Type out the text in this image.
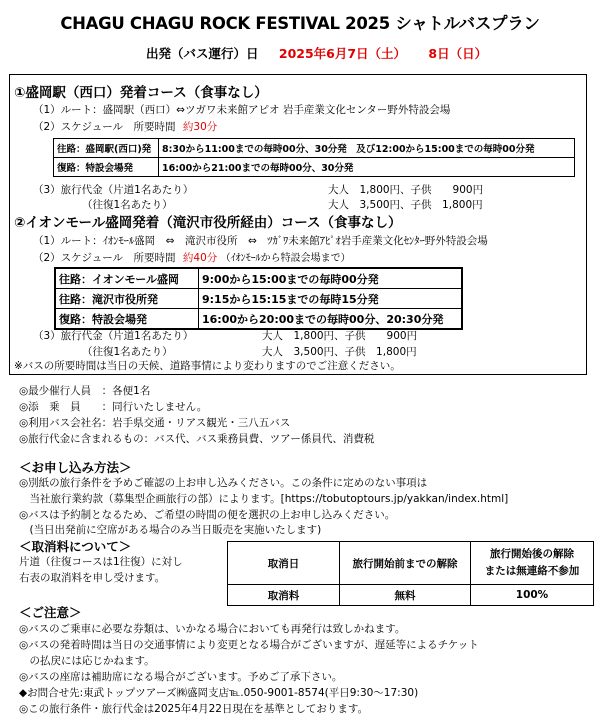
CHAGU CHAGU ROCK FESTIVAL 2025 シャトルバスプラン
出発（バス運行）日 2025年6月7日（土） 8日（日）
①盛岡駅（西口）発着コース（食事なし）
（1）ルート：盛岡駅（西口）⇔ツガワ未来館アピオ 岩手産業文化センター野外特設会場
（2）スケジュール　所要時間 約30分
往路：盛岡駅(西口)発	8:30から11:00までの毎時00分、30分発　及び12:00から15:00までの毎時00分発
復路：特設会場発	16:00から21:00までの毎時00分、30分発
（3）旅行代金（片道1名あたり）	大人　1,800円、子供　　900円
（往復1名あたり）	大人　3,500円、子供　1,800円
②イオンモール盛岡発着（滝沢市役所経由）コース（食事なし）
（1）ルート：ｲｵﾝﾓｰﾙ盛岡　⇔　滝沢市役所　⇔　ﾂｶﾞﾜ未来館ｱﾋﾟｵ岩手産業文化ｾﾝﾀｰ野外特設会場
（2）スケジュール　所要時間 約40分 （ｲｵﾝﾓｰﾙから特設会場まで）
往路：イオンモール盛岡	9:00から15:00までの毎時00分発
往路：滝沢市役所発	9:15から15:15までの毎時15分発
復路：特設会場発	16:00から20:00までの毎時00分、20:30分発
（3）旅行代金（片道1名あたり）	大人　1,800円、子供　　900円
（往復1名あたり）	大人　3,500円、子供　1,800円
※バスの所要時間は当日の天候、道路事情により変わりますのでご注意ください。
◎最少催行人員　：各便1名
◎添　乗　員　　：同行いたしません。
◎利用バス会社名：岩手県交通・リアス観光・三八五バス
◎旅行代金に含まれるもの：バス代、バス乗務員費、ツアー係員代、消費税
＜お申し込み方法＞
◎別紙の旅行条件を予めご確認の上お申し込みください。この条件に定めのない事項は
　当社旅行業約款（募集型企画旅行の部）によります。[https://tobutoptours.jp/yakkan/index.html]
◎バスは予約制となるため、ご希望の時間の便を選択の上お申し込みください。
　(当日出発前に空席がある場合のみ当日販売を実施いたします)
＜取消料について＞
片道（往復コースは1往復）に対し
右表の取消料を申し受けます。
取消日	旅行開始前までの解除	旅行開始後の解除
または無連絡不参加
取消料	無料	100%
＜ご注意＞
◎バスのご乗車に必要な券類は、いかなる場合においても再発行は致しかねます。
◎バスの発着時間は当日の交通事情により変更となる場合がございますが、遅延等によるチケット
　の払戻には応じかねます。
◎バスの座席は補助席になる場合がございます。予めご了承下さい。
◆お問合せ先:東武トップツアーズ㈱盛岡支店℡.050-9001-8574(平日9:30～17:30)
◎この旅行条件・旅行代金は2025年4月22日現在を基準としております。
